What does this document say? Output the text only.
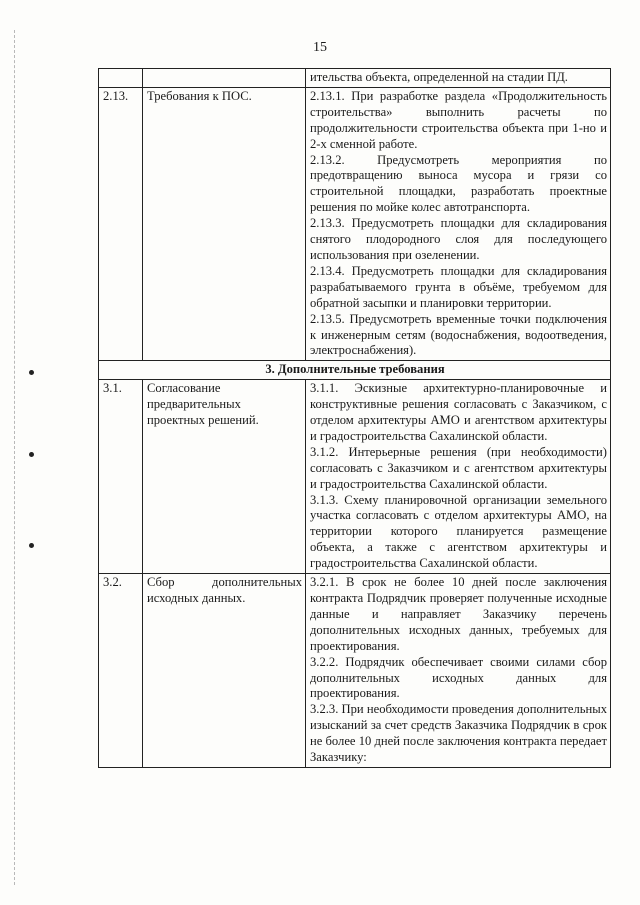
15

		ительства объекта, определенной на стадии ПД.

2.13.	Требования к ПОС.	2.13.1. При разработке раздела «Продолжительность строительства» выполнить расчеты по продолжительности строительства объекта при 1-но и 2-х сменной работе.
2.13.2. Предусмотреть мероприятия по предотвращению выноса мусора и грязи со строительной площадки, разработать проектные решения по мойке колес автотранспорта.
2.13.3. Предусмотреть площадки для складирования снятого плодородного слоя для последующего использования при озеленении.
2.13.4. Предусмотреть площадки для складирования разрабатываемого грунта в объёме, требуемом для обратной засыпки и планировки территории.
2.13.5. Предусмотреть временные точки подключения к инженерным сетям (водоснабжения, водоотведения, электроснабжения).

3. Дополнительные требования		
3.1.	Согласование предварительных проектных решений.	3.1.1. Эскизные архитектурно-планировочные и конструктивные решения согласовать с Заказчиком, с отделом архитектуры АМО и агентством архитектуры и градостроительства Сахалинской области.
3.1.2. Интерьерные решения (при необходимости) согласовать с Заказчиком и с агентством архитектуры и градостроительства Сахалинской области.
3.1.3. Схему планировочной организации земельного участка согласовать с отделом архитектуры АМО, на территории которого планируется размещение объекта, а также с агентством архитектуры и градостроительства Сахалинской области.

3.2.	Сбор дополнительных исходных данных.	3.2.1. В срок не более 10 дней после заключения контракта Подрядчик проверяет полученные исходные данные и направляет Заказчику перечень дополнительных исходных данных, требуемых для проектирования.
3.2.2. Подрядчик обеспечивает своими силами сбор дополнительных исходных данных для проектирования.
3.2.3. При необходимости проведения дополнительных изысканий за счет средств Заказчика Подрядчик в срок не более 10 дней после заключения контракта передает Заказчику:
